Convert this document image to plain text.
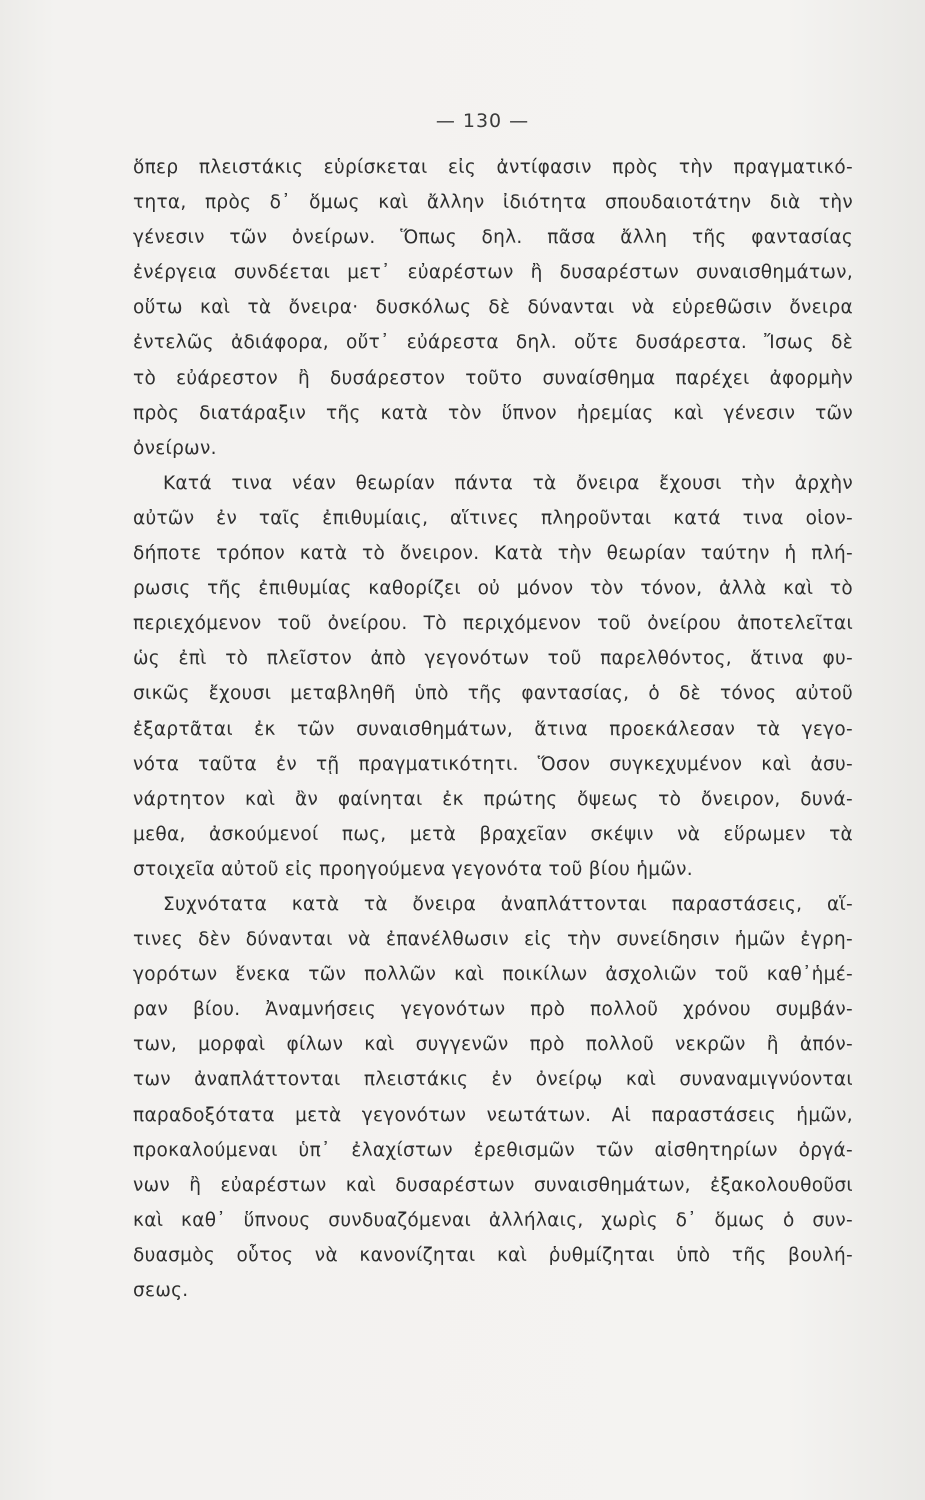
— 130 —
ὅπερ πλειστάκις εὑρίσκεται εἰς ἀντίφασιν πρὸς τὴν πραγματικό-
τητα, πρὸς δ᾽ ὅμως καὶ ἄλλην ἰδιότητα σπουδαιοτάτην διὰ τὴν
γένεσιν τῶν ὀνείρων. Ὅπως δηλ. πᾶσα ἄλλη τῆς φαντασίας
ἐνέργεια συνδέεται μετ᾽ εὐαρέστων ἢ δυσαρέστων συναισθημάτων,
οὕτω καὶ τὰ ὄνειρα· δυσκόλως δὲ δύνανται νὰ εὑρεθῶσιν ὄνειρα
ἐντελῶς ἀδιάφορα, οὔτ᾽ εὐάρεστα δηλ. οὔτε δυσάρεστα. Ἴσως δὲ
τὸ εὐάρεστον ἢ δυσάρεστον τοῦτο συναίσθημα παρέχει ἀφορμὴν
πρὸς διατάραξιν τῆς κατὰ τὸν ὕπνον ἠρεμίας καὶ γένεσιν τῶν
ὀνείρων.
Κατά τινα νέαν θεωρίαν πάντα τὰ ὄνειρα ἔχουσι τὴν ἀρχὴν
αὐτῶν ἐν ταῖς ἐπιθυμίαις, αἵτινες πληροῦνται κατά τινα οἱον-
δήποτε τρόπον κατὰ τὸ ὄνειρον. Κατὰ τὴν θεωρίαν ταύτην ἡ πλή-
ρωσις τῆς ἐπιθυμίας καθορίζει οὐ μόνον τὸν τόνον, ἀλλὰ καὶ τὸ
περιεχόμενον τοῦ ὀνείρου. Τὸ περιχόμενον τοῦ ὀνείρου ἀποτελεῖται
ὡς ἐπὶ τὸ πλεῖστον ἀπὸ γεγονότων τοῦ παρελθόντος, ἅτινα φυ-
σικῶς ἔχουσι μεταβληθῆ ὑπὸ τῆς φαντασίας, ὁ δὲ τόνος αὐτοῦ
ἐξαρτᾶται ἐκ τῶν συναισθημάτων, ἅτινα προεκάλεσαν τὰ γεγο-
νότα ταῦτα ἐν τῇ πραγματικότητι. Ὅσον συγκεχυμένον καὶ ἀσυ-
νάρτητον καὶ ἂν φαίνηται ἐκ πρώτης ὄψεως τὸ ὄνειρον, δυνά-
μεθα, ἀσκούμενοί πως, μετὰ βραχεῖαν σκέψιν νὰ εὕρωμεν τὰ
στοιχεῖα αὐτοῦ εἰς προηγούμενα γεγονότα τοῦ βίου ἡμῶν.
Συχνότατα κατὰ τὰ ὄνειρα ἀναπλάττονται παραστάσεις, αἵ-
τινες δὲν δύνανται νὰ ἐπανέλθωσιν εἰς τὴν συνείδησιν ἡμῶν ἐγρη-
γορότων ἕνεκα τῶν πολλῶν καὶ ποικίλων ἀσχολιῶν τοῦ καθ᾽ἡμέ-
ραν βίου. Ἀναμνήσεις γεγονότων πρὸ πολλοῦ χρόνου συμβάν-
των, μορφαὶ φίλων καὶ συγγενῶν πρὸ πολλοῦ νεκρῶν ἢ ἀπόν-
των ἀναπλάττονται πλειστάκις ἐν ὀνείρῳ καὶ συναναμιγνύονται
παραδοξότατα μετὰ γεγονότων νεωτάτων. Αἱ παραστάσεις ἡμῶν,
προκαλούμεναι ὑπ᾽ ἐλαχίστων ἐρεθισμῶν τῶν αἰσθητηρίων ὀργά-
νων ἢ εὐαρέστων καὶ δυσαρέστων συναισθημάτων, ἐξακολουθοῦσι
καὶ καθ᾽ ὕπνους συνδυαζόμεναι ἀλλήλαις, χωρὶς δ᾽ ὅμως ὁ συν-
δυασμὸς οὗτος νὰ κανονίζηται καὶ ῥυθμίζηται ὑπὸ τῆς βουλή-
σεως.
